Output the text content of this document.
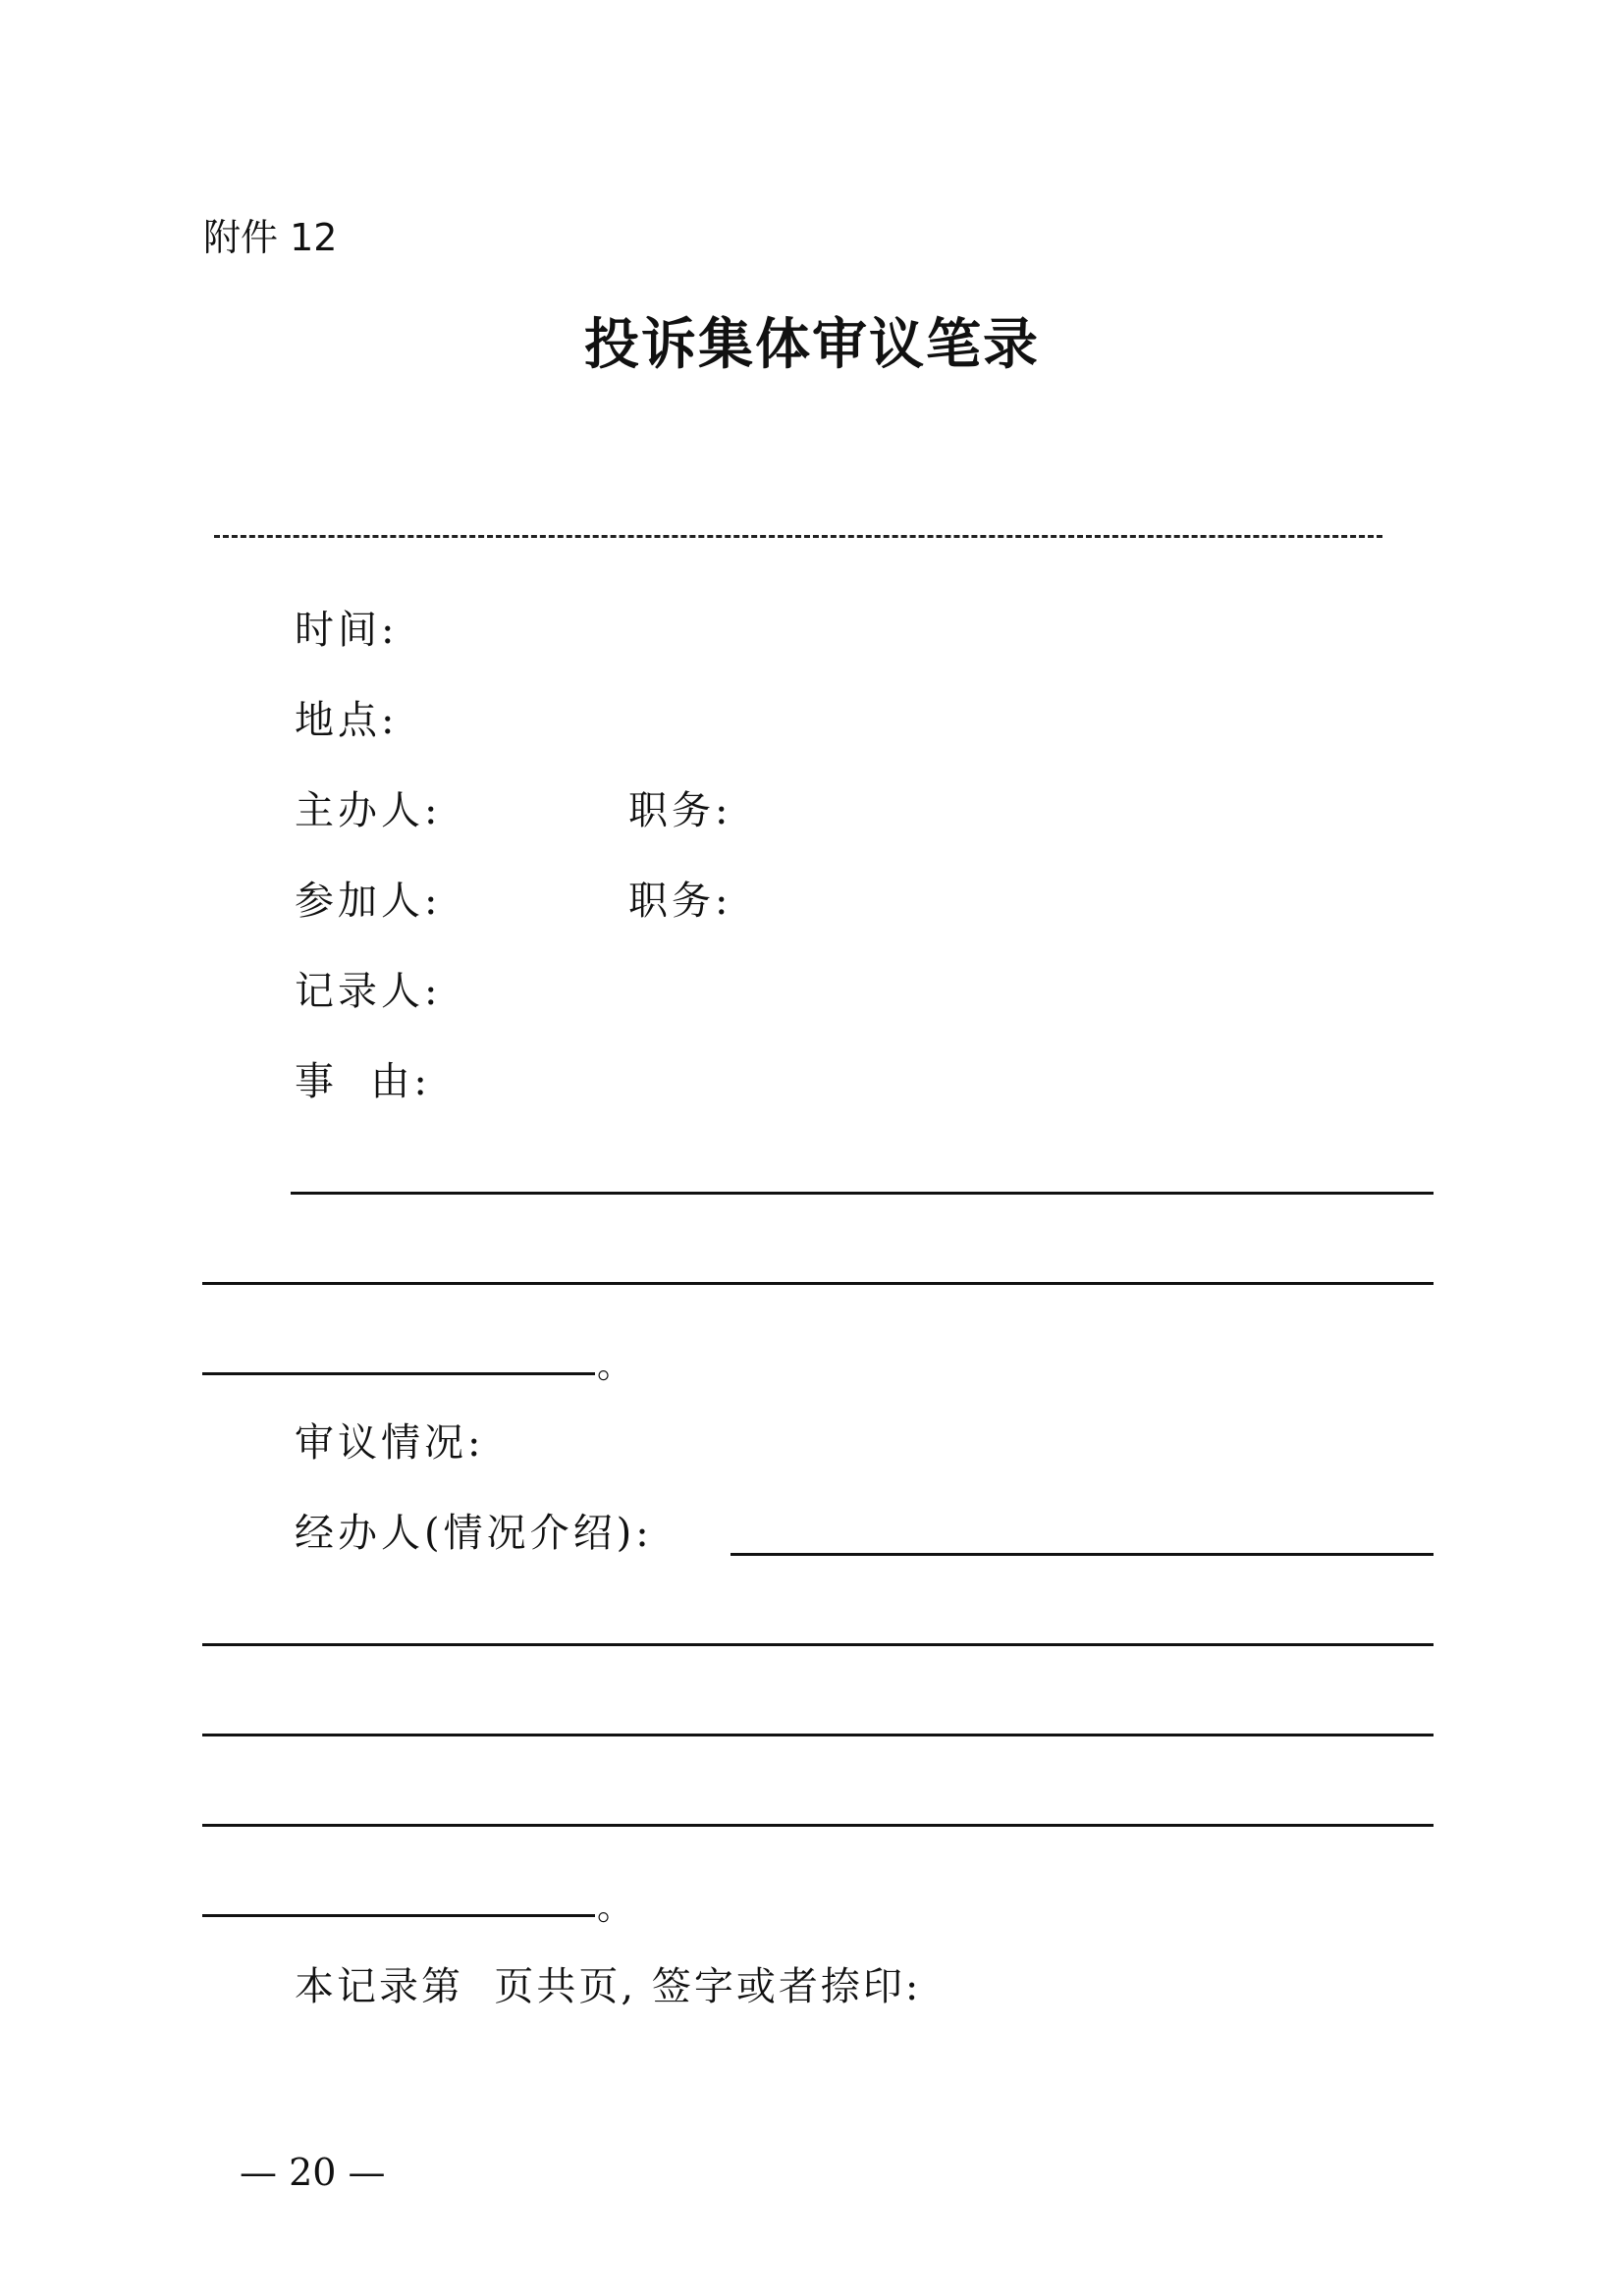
附件 12
投诉集体审议笔录
时间:
地点:
主办人:	职务:
参加人:	职务:
记录人:
事  由:
。
审议情况:
经办人(情况介绍):
。
本记录第  页共页, 签字或者捺印:
— 20 —
